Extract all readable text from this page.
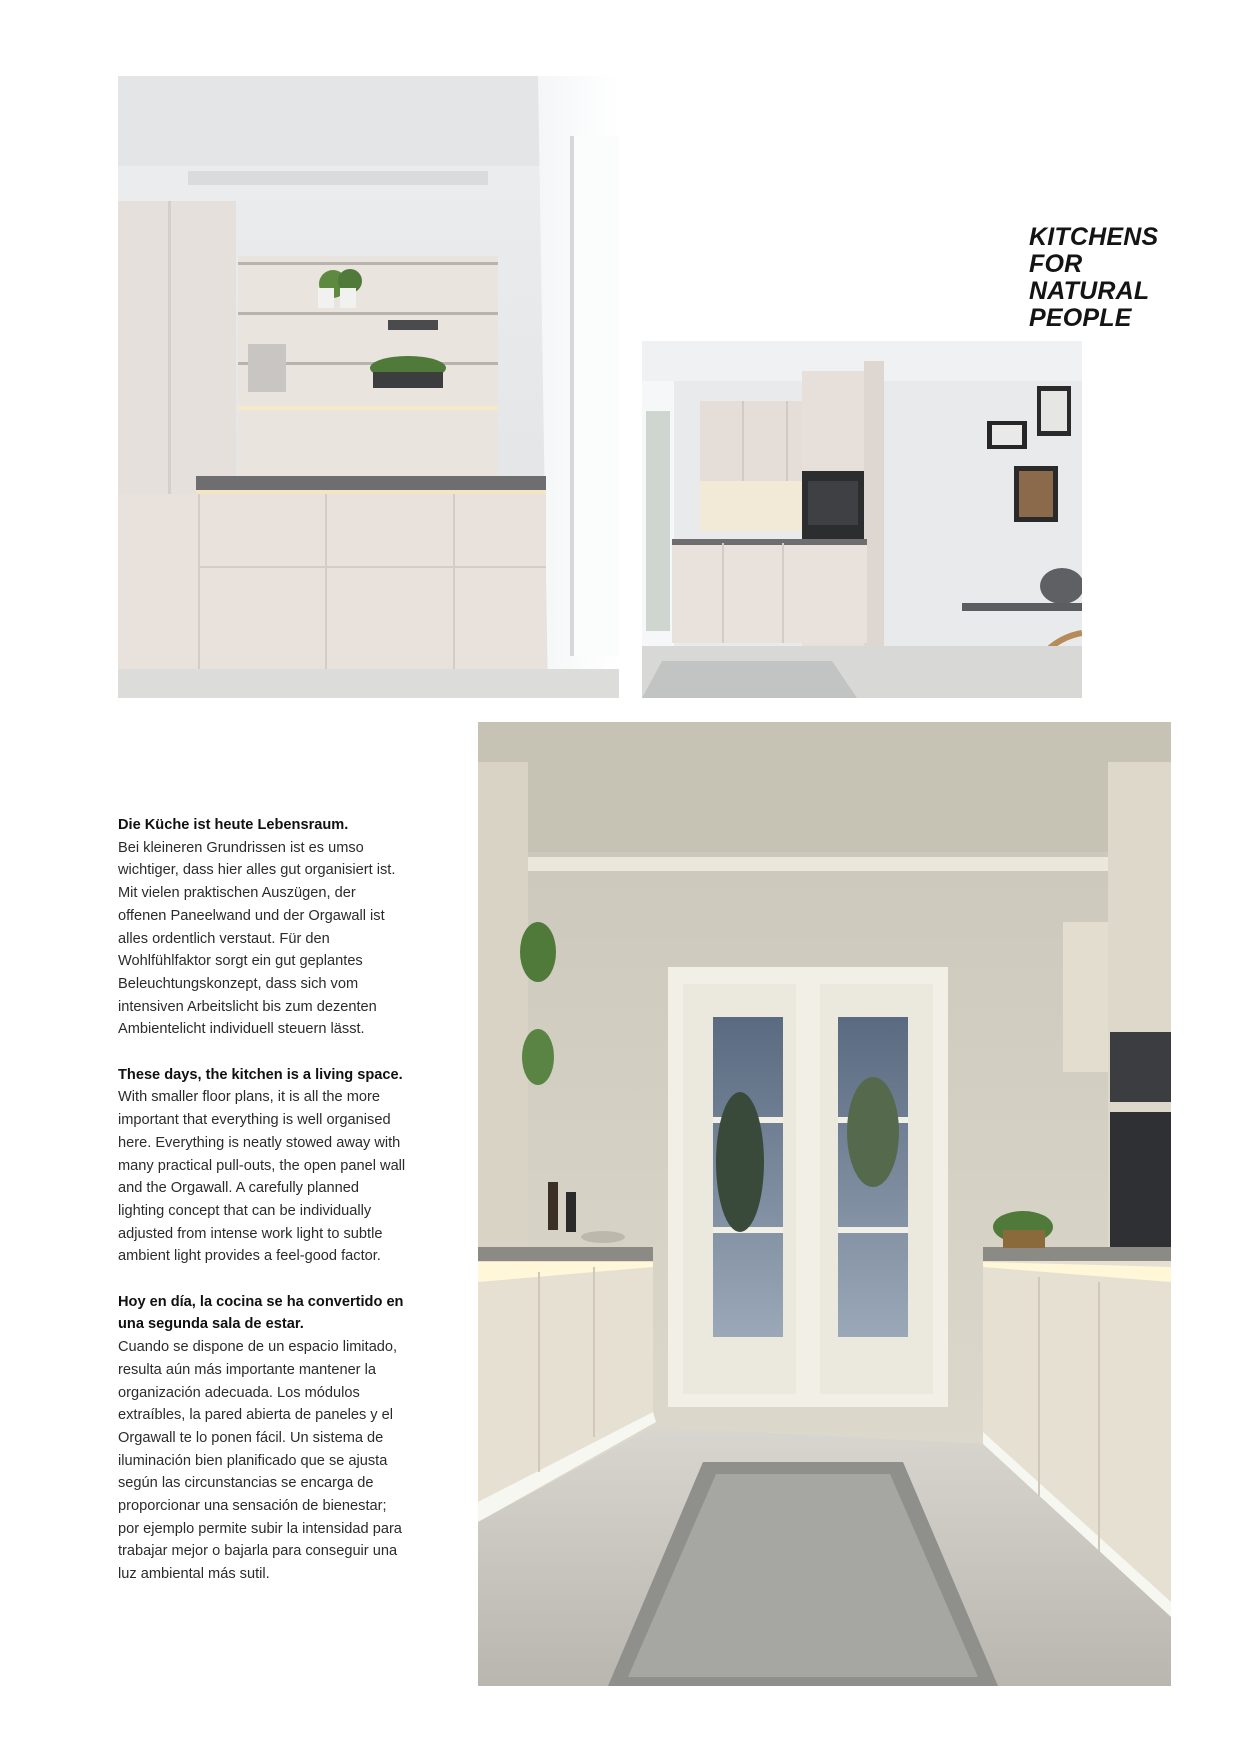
KITCHENS
FOR
NATURAL
PEOPLE

Die Küche ist heute Lebensraum.
Bei kleineren Grundrissen ist es umso wichtiger, dass hier alles gut organisiert ist. Mit vielen praktischen Auszügen, der offenen Paneelwand und der Orgawall ist alles ordentlich verstaut. Für den Wohlfühlfaktor sorgt ein gut geplantes Beleuchtungskonzept, dass sich vom intensiven Arbeitslicht bis zum dezenten Ambientelicht individuell steuern lässt.

These days, the kitchen is a living space. With smaller floor plans, it is all the more important that everything is well organised here. Everything is neatly stowed away with many practical pull-outs, the open panel wall and the Orgawall. A carefully planned lighting concept that can be individually adjusted from intense work light to subtle ambient light provides a feel-good factor.

Hoy en día, la cocina se ha convertido en una segunda sala de estar.
Cuando se dispone de un espacio limitado, resulta aún más importante mantener la organización adecuada. Los módulos extraíbles, la pared abierta de paneles y el Orgawall te lo ponen fácil. Un sistema de iluminación bien planificado que se ajusta según las circunstancias se encarga de proporcionar una sensación de bienestar; por ejemplo permite subir la intensidad para trabajar mejor o bajarla para conseguir una luz ambiental más sutil.
